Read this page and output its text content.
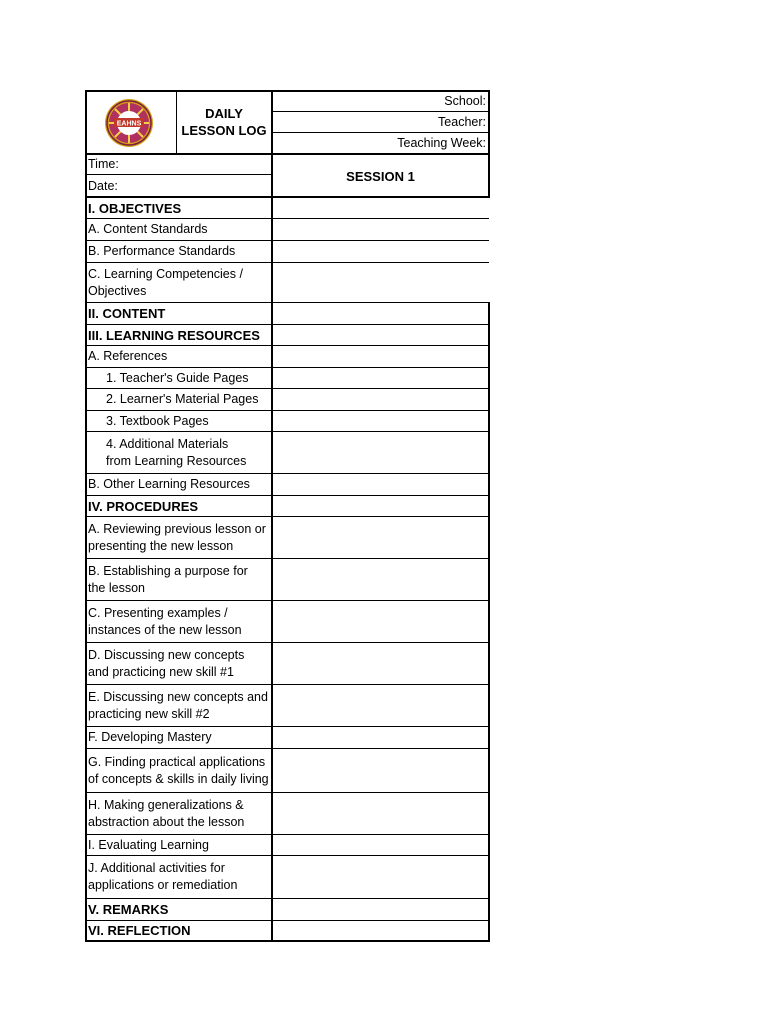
EAHNS
DAILY
LESSON LOG
School:
Teacher:
Teaching Week:
Time:
Date:
SESSION 1
I. OBJECTIVES
A. Content Standards
B. Performance Standards
C. Learning Competencies / Objectives
II. CONTENT
III. LEARNING RESOURCES
A. References
1. Teacher's Guide Pages
2. Learner's Material Pages
3. Textbook Pages
4. Additional Materials from Learning Resources
B. Other Learning Resources
IV. PROCEDURES
A. Reviewing previous lesson or presenting the new lesson
B. Establishing a purpose for the lesson
C. Presenting examples / instances of the new lesson
D. Discussing new concepts and practicing new skill #1
E. Discussing new concepts and practicing new skill #2
F. Developing Mastery
G. Finding practical applications of concepts & skills in daily living
H. Making generalizations & abstraction about the lesson
I. Evaluating Learning
J. Additional activities for applications or remediation
V. REMARKS
VI. REFLECTION
